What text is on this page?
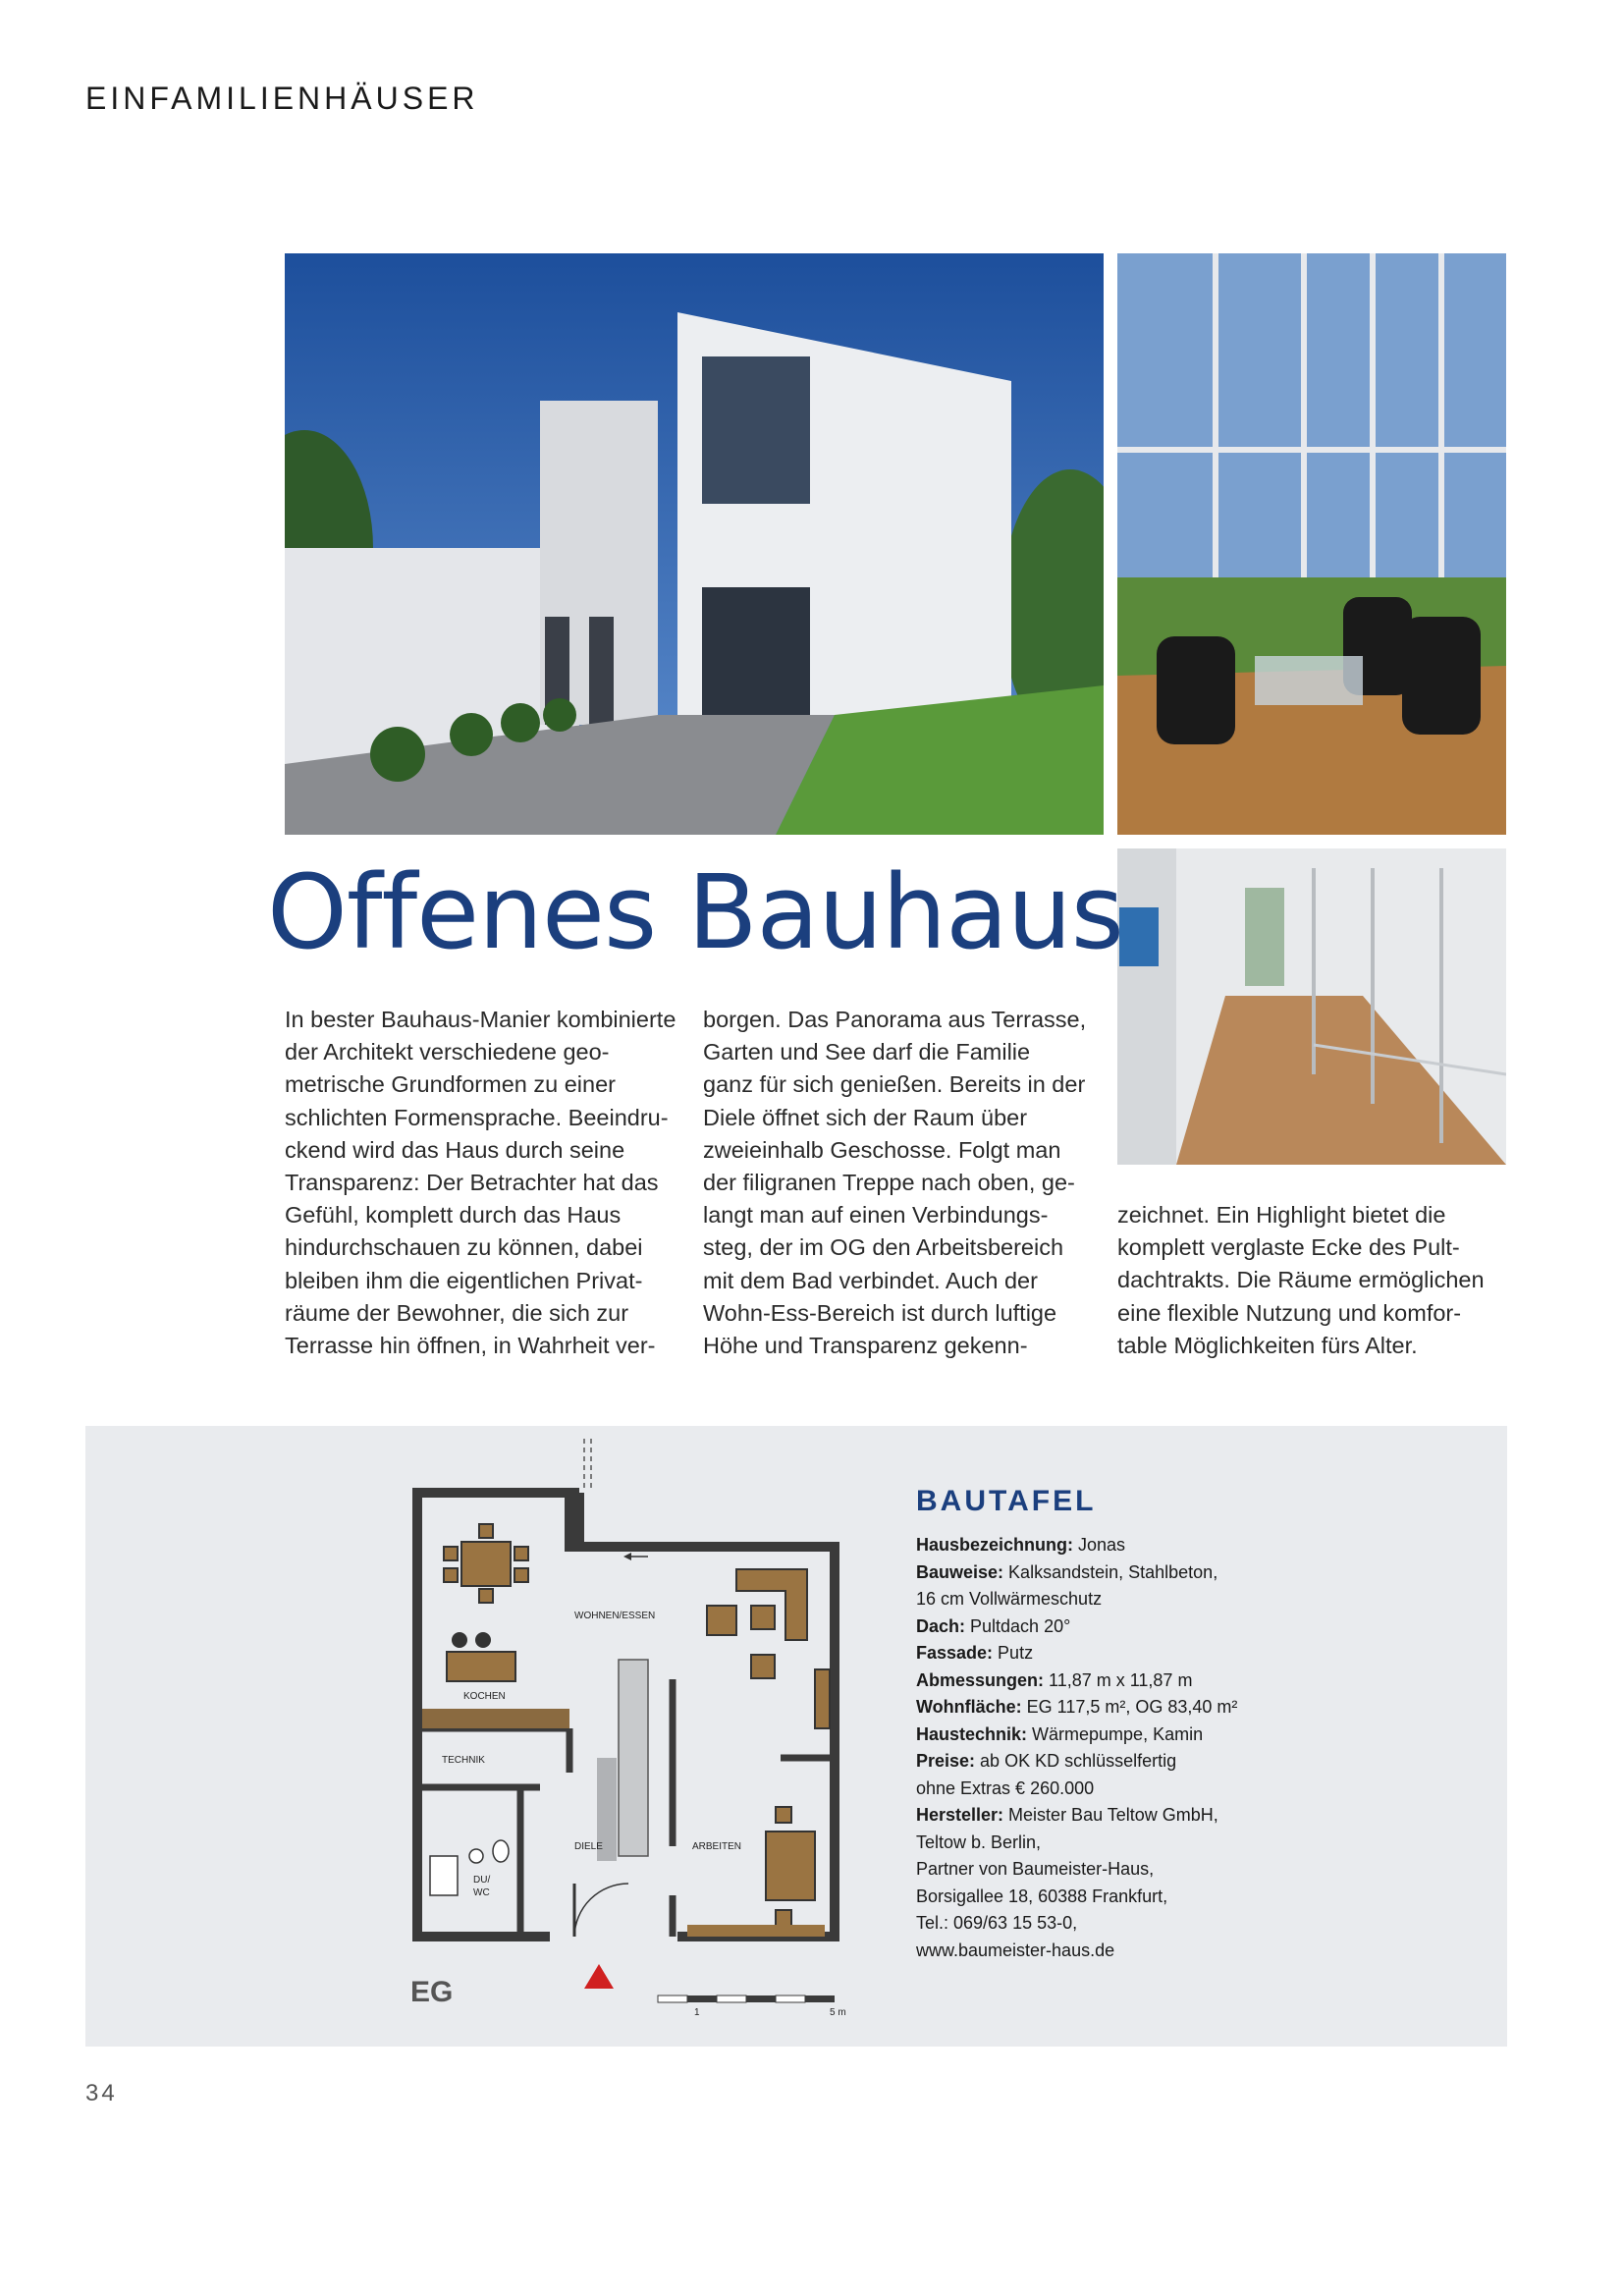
EINFAMILIENHÄUSER
Offenes Bauhaus

In bester Bauhaus-Manier kombinierte

der Architekt verschiedene geo-

metrische Grundformen zu einer

schlichten Formensprache. Beeindru-

ckend wird das Haus durch seine

Transparenz: Der Betrachter hat das

Gefühl, komplett durch das Haus

hindurchschauen zu können, dabei

bleiben ihm die eigentlichen Privat-

räume der Bewohner, die sich zur

Terrasse hin öffnen, in Wahrheit ver-

borgen. Das Panorama aus Terrasse,

Garten und See darf die Familie

ganz für sich genießen. Bereits in der

Diele öffnet sich der Raum über

zweieinhalb Geschosse. Folgt man

der filigranen Treppe nach oben, ge-

langt man auf einen Verbindungs-

steg, der im OG den Arbeitsbereich

mit dem Bad verbindet. Auch der

Wohn-Ess-Bereich ist durch luftige

Höhe und Transparenz gekenn-

zeichnet. Ein Highlight bietet die

komplett verglaste Ecke des Pult-

dachtrakts. Die Räume ermöglichen

eine flexible Nutzung und komfor-

table Möglichkeiten fürs Alter.

WOHNEN/ESSEN
KOCHEN
TECHNIK
DIELE	ARBEITEN
DU/
WC
1	5 m
EG
BAUTAFEL
Hausbezeichnung: Jonas
Bauweise: Kalksandstein, Stahlbeton,
16 cm Vollwärmeschutz
Dach: Pultdach 20°
Fassade: Putz
Abmessungen: 11,87 m x 11,87 m
Wohnfläche: EG 117,5 m², OG 83,40 m²
Haustechnik: Wärmepumpe, Kamin
Preise: ab OK KD schlüsselfertig
ohne Extras € 260.000
Hersteller: Meister Bau Teltow GmbH,
Teltow b. Berlin,
Partner von Baumeister-Haus,
Borsigallee 18, 60388 Frankfurt,
Tel.: 069/63 15 53-0,
www.baumeister-haus.de
34
